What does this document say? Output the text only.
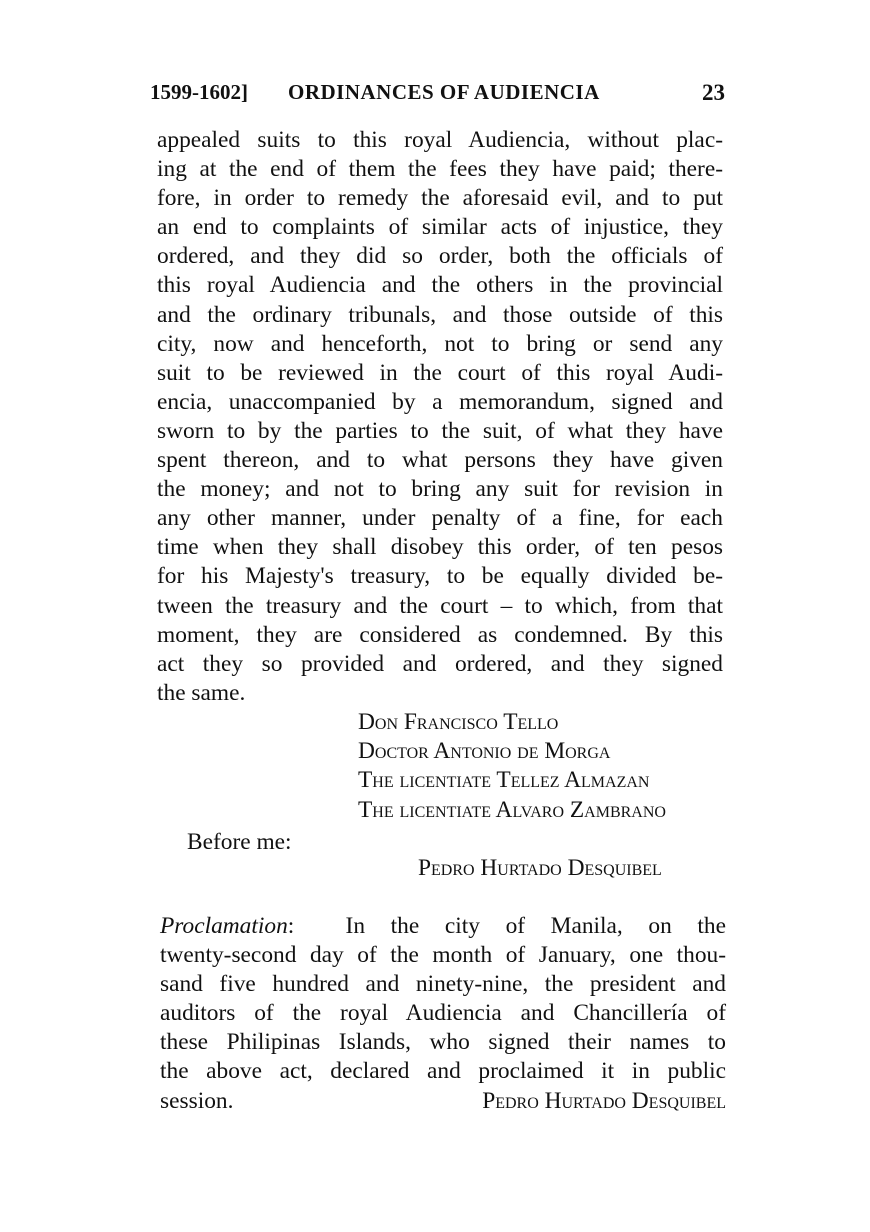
1599-1602] ORDINANCES OF AUDIENCIA	23
appealed suits to this royal Audiencia, without plac-
ing at the end of them the fees they have paid; there-
fore, in order to remedy the aforesaid evil, and to put
an end to complaints of similar acts of injustice, they
ordered, and they did so order, both the officials of
this royal Audiencia and the others in the provincial
and the ordinary tribunals, and those outside of this
city, now and henceforth, not to bring or send any
suit to be reviewed in the court of this royal Audi-
encia, unaccompanied by a memorandum, signed and
sworn to by the parties to the suit, of what they have
spent thereon, and to what persons they have given
the money; and not to bring any suit for revision in
any other manner, under penalty of a fine, for each
time when they shall disobey this order, of ten pesos
for his Majesty's treasury, to be equally divided be-
tween the treasury and the court – to which, from that
moment, they are considered as condemned. By this
act they so provided and ordered, and they signed
the same.
Don Francisco Tello
Doctor Antonio de Morga
The licentiate Tellez Almazan
The licentiate Alvaro Zambrano
Before me:
Pedro Hurtado Desquibel
Proclamation: In the city of Manila, on the
twenty-second day of the month of January, one thou-
sand five hundred and ninety-nine, the president and
auditors of the royal Audiencia and Chancillería of
these Philipinas Islands, who signed their names to
the above act, declared and proclaimed it in public
session.	Pedro Hurtado Desquibel
